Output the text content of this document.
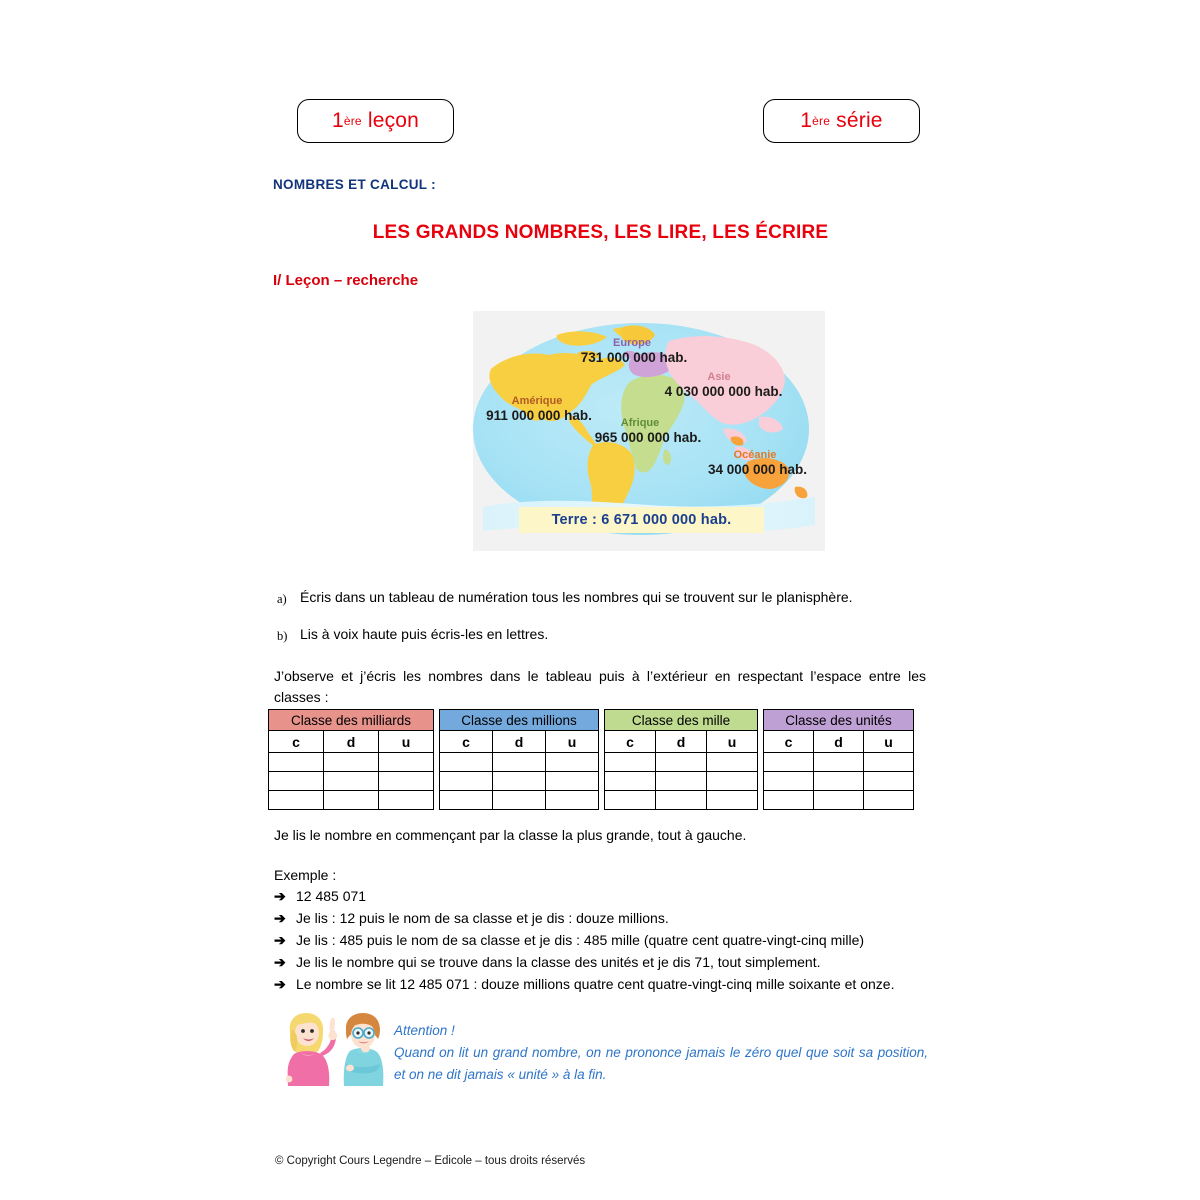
1 ère
leçon	1 ère
série
NOMBRES ET CALCUL :
LES GRANDS NOMBRES, LES LIRE, LES ÉCRIRE
I/ Leçon – recherche
Amérique
911 000 000 hab.
Europe
731 000 000 hab.
Asie
4 030 000 000 hab.
Afrique
965 000 000 hab.
Océanie
34 000 000 hab.
Terre : 6 671 000 000 hab.
a) Écris dans un tableau de numération tous les nombres qui se trouvent sur le planisphère.
b) Lis à voix haute puis écris-les en lettres.
J’observe et j’écris les nombres dans le tableau puis à l’extérieur en respectant l’espace entre les classes :
Classe des milliards
c	d	u
Classe des millions
c	d	u
Classe des mille
c	d	u
Classe des unités
c	d	u
Je lis le nombre en commençant par la classe la plus grande, tout à gauche.
Exemple :
➔ 12 485 071
➔ Je lis : 12 puis le nom de sa classe et je dis : douze millions.
➔ Je lis : 485 puis le nom de sa classe et je dis : 485 mille (quatre cent quatre-vingt-cinq mille)
➔ Je lis le nombre qui se trouve dans la classe des unités et je dis 71, tout simplement.
➔ Le nombre se lit 12 485 071 : douze millions quatre cent quatre-vingt-cinq mille soixante et onze.
Attention !
Quand on lit un grand nombre, on ne prononce jamais le zéro quel que soit sa position, et on ne dit jamais « unité » à la fin.
© Copyright Cours Legendre – Edicole – tous droits réservés
